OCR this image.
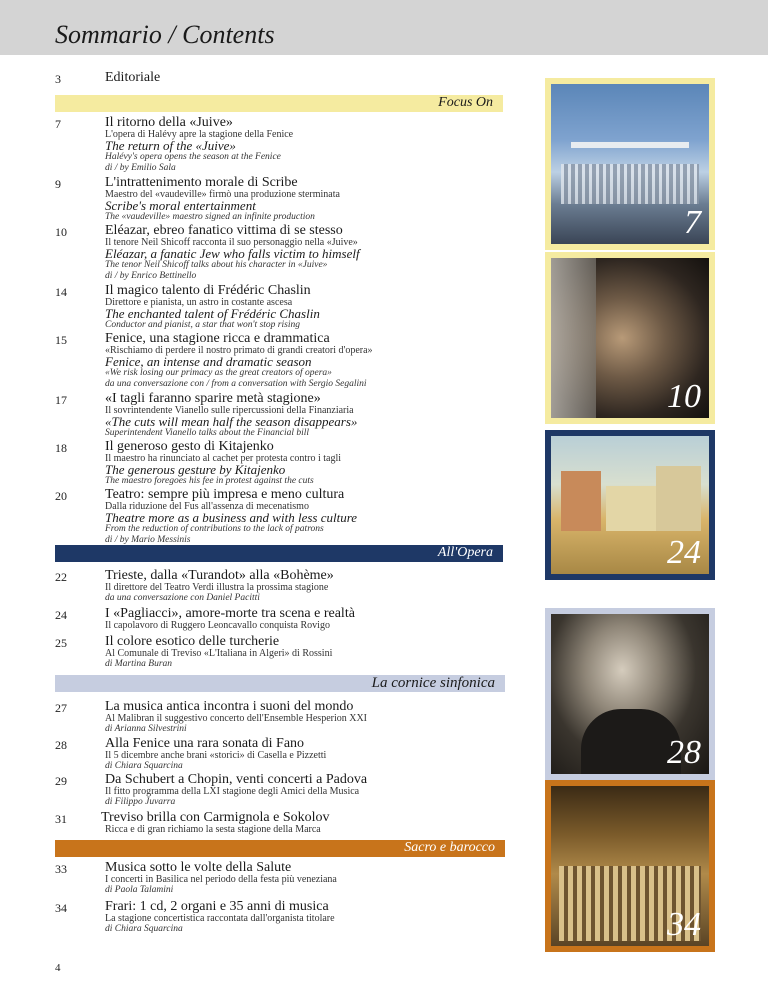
Sommario / Contents
3	Editoriale
Focus On
7	Il ritorno della «Juive»
L'opera di Halévy apre la stagione della Fenice
The return of the «Juive»
Halévy's opera opens the season at the Fenice
di / by Emilio Sala
9	L'intrattenimento morale di Scribe
Maestro del «vaudeville» firmò una produzione sterminata
Scribe's moral entertainment
The «vaudeville» maestro signed an infinite production
10	Eléazar, ebreo fanatico vittima di se stesso
Il tenore Neil Shicoff racconta il suo personaggio nella «Juive»
Eléazar, a fanatic Jew who falls victim to himself
The tenor Neil Shicoff talks about his character in «Juive»
di / by Enrico Bettinello
14	Il magico talento di Frédéric Chaslin
Direttore e pianista, un astro in costante ascesa
The enchanted talent of Frédéric Chaslin
Conductor and pianist, a star that won't stop rising
15	Fenice, una stagione ricca e drammatica
«Rischiamo di perdere il nostro primato di grandi creatori d'opera»
Fenice, an intense and dramatic season
«We risk losing our primacy as the great creators of opera»
da una conversazione con / from a conversation with Sergio Segalini
17	«I tagli faranno sparire metà stagione»
Il sovrintendente Vianello sulle ripercussioni della Finanziaria
«The cuts will mean half the season disappears»
Superintendent Vianello talks about the Financial bill
18	Il generoso gesto di Kitajenko
Il maestro ha rinunciato al cachet per protesta contro i tagli
The generous gesture by Kitajenko
The maestro foregoes his fee in protest against the cuts
20	Teatro: sempre più impresa e meno cultura
Dalla riduzione del Fus all'assenza di mecenatismo
Theatre more as a business and with less culture
From the reduction of contributions to the lack of patrons
di / by Mario Messinis
All'Opera
22	Trieste, dalla «Turandot» alla «Bohème»
Il direttore del Teatro Verdi illustra la prossima stagione
da una conversazione con Daniel Pacitti
24	I «Pagliacci», amore-morte tra scena e realtà
Il capolavoro di Ruggero Leoncavallo conquista Rovigo
25	Il colore esotico delle turcherie
Al Comunale di Treviso «L'Italiana in Algeri» di Rossini
di Martina Buran
La cornice sinfonica
27	La musica antica incontra i suoni del mondo
Al Malibran il suggestivo concerto dell'Ensemble Hesperion XXI
di Arianna Silvestrini
28	Alla Fenice una rara sonata di Fano
Il 5 dicembre anche brani «storici» di Casella e Pizzetti
di Chiara Squarcina
29	Da Schubert a Chopin, venti concerti a Padova
Il fitto programma della LXI stagione degli Amici della Musica
di Filippo Juvarra
31 Treviso brilla con Carmignola e Sokolov
Ricca e di gran richiamo la sesta stagione della Marca
Sacro e barocco
33	Musica sotto le volte della Salute
I concerti in Basilica nel periodo della festa più veneziana
di Paola Talamini
34	Frari: 1 cd, 2 organi e 35 anni di musica
La stagione concertistica raccontata dall'organista titolare
di Chiara Squarcina
7
10
24
28
34
4
